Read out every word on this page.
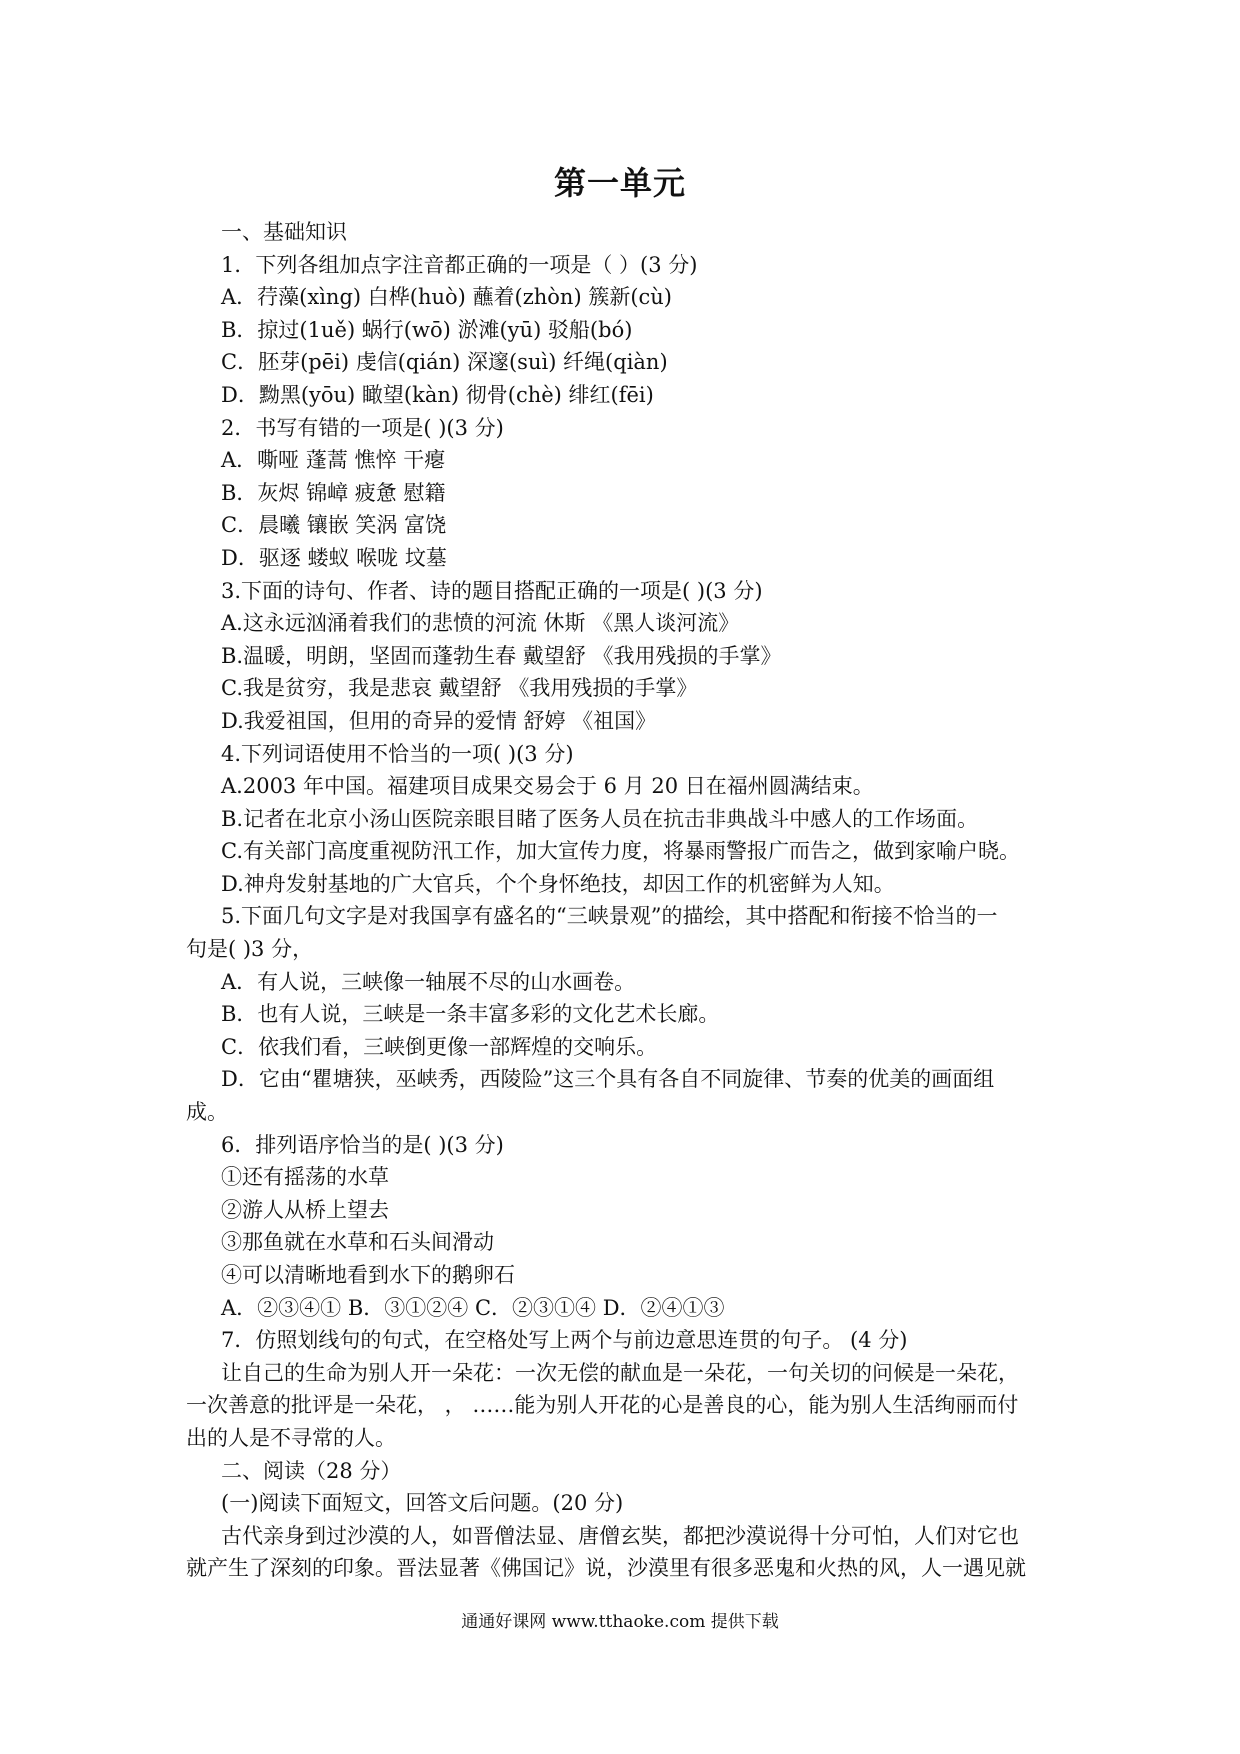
第一单元
一、基础知识
1．下列各组加点字注音都正确的一项是（ ）(3 分)
A．荇藻(xìng) 白桦(huò) 蘸着(zhòn) 簇新(cù)
B．掠过(1uě) 蜗行(wō) 淤滩(yū) 驳船(bó)
C．胚芽(pēi) 虔信(qián) 深邃(suì) 纤绳(qiàn)
D．黝黑(yōu) 瞰望(kàn) 彻骨(chè) 绯红(fēi)
2．书写有错的一项是( )(3 分)
A．嘶哑 蓬蒿 憔悴 干瘪
B．灰烬 锦嶂 疲惫 慰籍
C．晨曦 镶嵌 笑涡 富饶
D．驱逐 蝼蚁 喉咙 坟墓
3.下面的诗句、作者、诗的题目搭配正确的一项是( )(3 分)
A.这永远汹涌着我们的悲愤的河流 休斯 《黑人谈河流》
B.温暖，明朗，坚固而蓬勃生春 戴望舒 《我用残损的手掌》
C.我是贫穷，我是悲哀 戴望舒 《我用残损的手掌》
D.我爱祖国，但用的奇异的爱情 舒婷 《祖国》
4.下列词语使用不恰当的一项( )(3 分)
A.2003 年中国。福建项目成果交易会于 6 月 20 日在福州圆满结束。
B.记者在北京小汤山医院亲眼目睹了医务人员在抗击非典战斗中感人的工作场面。
C.有关部门高度重视防汛工作，加大宣传力度，将暴雨警报广而告之，做到家喻户晓。
D.神舟发射基地的广大官兵，个个身怀绝技，却因工作的机密鲜为人知。
5.下面几句文字是对我国享有盛名的“三峡景观”的描绘，其中搭配和衔接不恰当的一
句是( )3 分，
A．有人说，三峡像一轴展不尽的山水画卷。
B．也有人说，三峡是一条丰富多彩的文化艺术长廊。
C．依我们看，三峡倒更像一部辉煌的交响乐。
D．它由“瞿塘狭，巫峡秀，西陵险”这三个具有各自不同旋律、节奏的优美的画面组
成。
6．排列语序恰当的是( )(3 分)
①还有摇荡的水草
②游人从桥上望去
③那鱼就在水草和石头间滑动
④可以清晰地看到水下的鹅卵石
A．②③④① B．③①②④ C．②③①④ D．②④①③
7．仿照划线句的句式，在空格处写上两个与前边意思连贯的句子。 (4 分)
让自己的生命为别人开一朵花：一次无偿的献血是一朵花，一句关切的问候是一朵花，
一次善意的批评是一朵花， ， ……能为别人开花的心是善良的心，能为别人生活绚丽而付
出的人是不寻常的人。
二、阅读（28 分）
(一)阅读下面短文，回答文后问题。(20 分)
古代亲身到过沙漠的人，如晋僧法显、唐僧玄奘，都把沙漠说得十分可怕，人们对它也
就产生了深刻的印象。晋法显著《佛国记》说，沙漠里有很多恶鬼和火热的风，人一遇见就
通通好课网 www.tthaoke.com 提供下载
